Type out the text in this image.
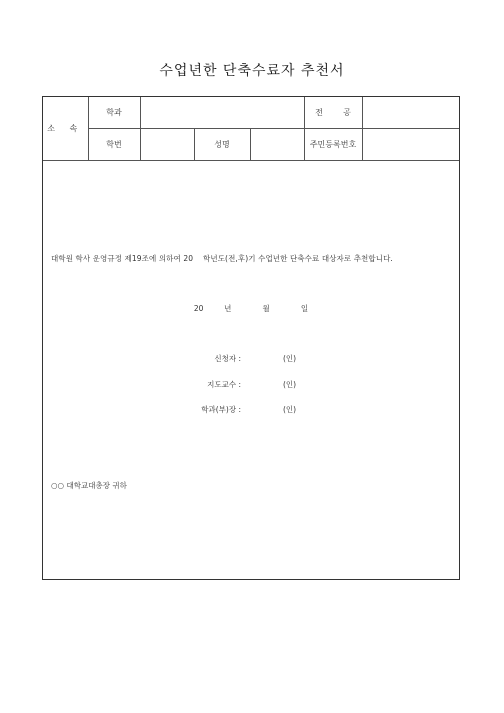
수업년한 단축수료자 추천서
소 속	학과				전        공	
	학번		성명		주민등록번호	
대학원 학사 운영규정 제19조에 의하여 20    학년도(전,후)기 수업년한 단축수료 대상자로 추천합니다.
20  년   월   일
신청자 :	(인)
지도교수 :	(인)
학과(부)장 :	(인)
○○ 대학교대총장 귀하
